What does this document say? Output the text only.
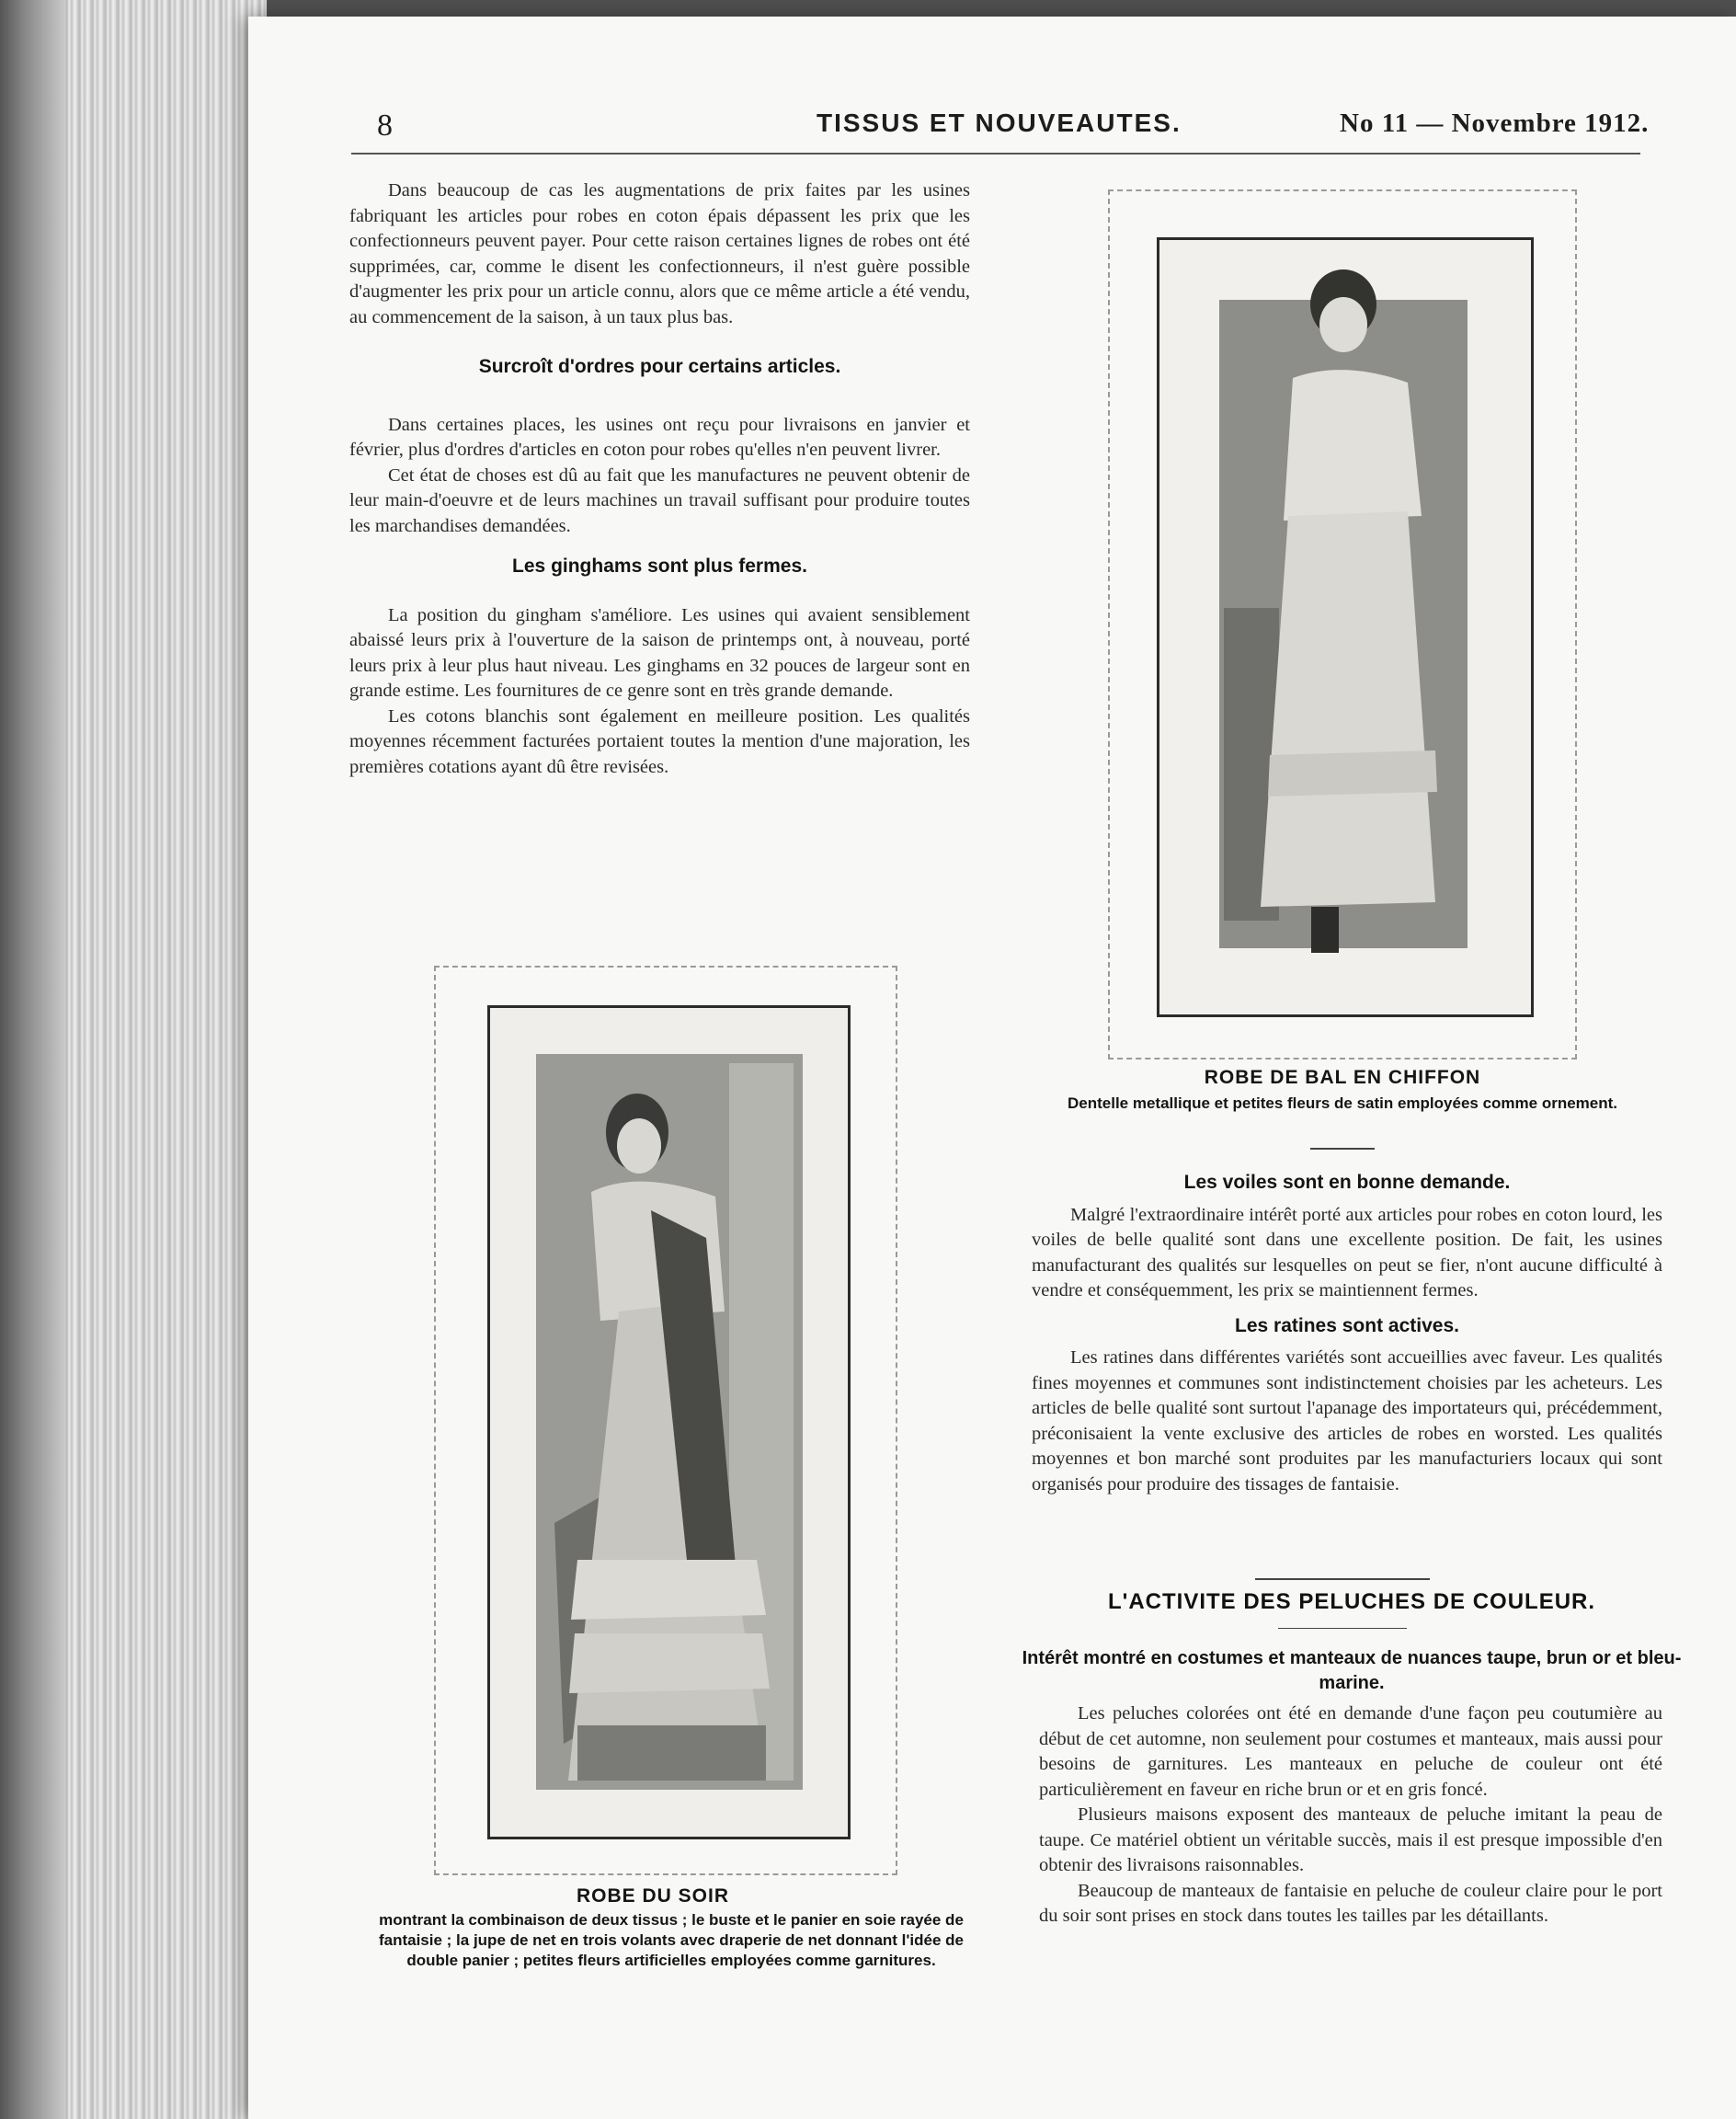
8	TISSUS ET NOUVEAUTES.	No 11 — Novembre 1912.

Dans beaucoup de cas les augmentations de prix faites par les usines fabriquant les articles pour robes en coton épais dépassent les prix que les confectionneurs peuvent payer. Pour cette raison certaines lignes de robes ont été supprimées, car, comme le disent les confectionneurs, il n'est guère possible d'augmenter les prix pour un article connu, alors que ce même article a été vendu, au commencement de la saison, à un taux plus bas.

Surcroît d'ordres pour certains articles.

Dans certaines places, les usines ont reçu pour livraisons en janvier et février, plus d'ordres d'articles en coton pour robes qu'elles n'en peuvent livrer.

Cet état de choses est dû au fait que les manufactures ne peuvent obtenir de leur main-d'oeuvre et de leurs machines un travail suffisant pour produire toutes les marchandises demandées.

Les ginghams sont plus fermes.

La position du gingham s'améliore. Les usines qui avaient sensiblement abaissé leurs prix à l'ouverture de la saison de printemps ont, à nouveau, porté leurs prix à leur plus haut niveau. Les ginghams en 32 pouces de largeur sont en grande estime. Les fournitures de ce genre sont en très grande demande.

Les cotons blanchis sont également en meilleure position. Les qualités moyennes récemment facturées portaient toutes la mention d'une majoration, les premières cotations ayant dû être revisées.

ROBE DU SOIR
montrant la combinaison de deux tissus ; le buste et le panier en soie rayée de fantaisie ; la jupe de net en trois volants avec draperie de net donnant l'idée de double panier ; petites fleurs artificielles employées comme garnitures.
ROBE DE BAL EN CHIFFON
Dentelle metallique et petites fleurs de satin employées comme ornement.
Les voiles sont en bonne demande.

Malgré l'extraordinaire intérêt porté aux articles pour robes en coton lourd, les voiles de belle qualité sont dans une excellente position. De fait, les usines manufacturant des qualités sur lesquelles on peut se fier, n'ont aucune difficulté à vendre et conséquemment, les prix se maintiennent fermes.

Les ratines sont actives.

Les ratines dans différentes variétés sont accueillies avec faveur. Les qualités fines moyennes et communes sont indistinctement choisies par les acheteurs. Les articles de belle qualité sont surtout l'apanage des importateurs qui, précédemment, préconisaient la vente exclusive des articles de robes en worsted. Les qualités moyennes et bon marché sont produites par les manufacturiers locaux qui sont organisés pour produire des tissages de fantaisie.

L'ACTIVITE DES PELUCHES DE COULEUR.
Intérêt montré en costumes et manteaux de nuances taupe, brun or et bleu-marine.

Les peluches colorées ont été en demande d'une façon peu coutumière au début de cet automne, non seulement pour costumes et manteaux, mais aussi pour besoins de garnitures. Les manteaux en peluche de couleur ont été particulièrement en faveur en riche brun or et en gris foncé.

Plusieurs maisons exposent des manteaux de peluche imitant la peau de taupe. Ce matériel obtient un véritable succès, mais il est presque impossible d'en obtenir des livraisons raisonnables.

Beaucoup de manteaux de fantaisie en peluche de couleur claire pour le port du soir sont prises en stock dans toutes les tailles par les détaillants.
